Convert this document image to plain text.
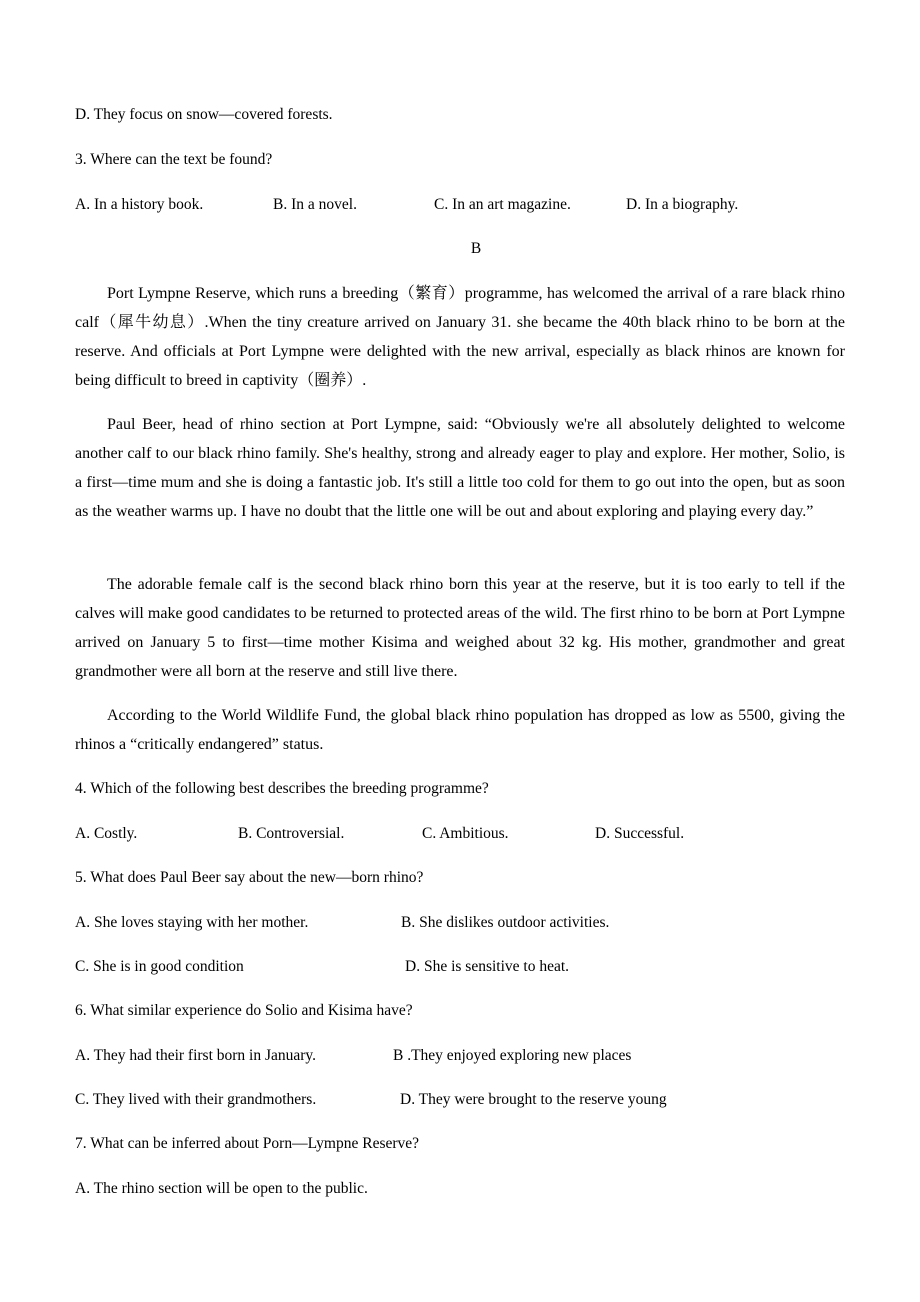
D. They focus on snow—covered forests.
3. Where can the text be found?
A. In a history book.	B. In a novel.	C. In an art magazine.	D. In a biography.
B
Port Lympne Reserve, which runs a breeding（繁育）programme, has welcomed the arrival of a rare black rhino calf（犀牛幼息）.When the tiny creature arrived on January 31. she became the 40th black rhino to be born at the reserve. And officials at Port Lympne were delighted with the new arrival, especially as black rhinos are known for being difficult to breed in captivity（圈养）.
Paul Beer, head of rhino section at Port Lympne, said: “Obviously we're all absolutely delighted to welcome another calf to our black rhino family. She's healthy, strong and already eager to play and explore. Her mother, Solio, is a first—time mum and she is doing a fantastic job. It's still a little too cold for them to go out into the open, but as soon as the weather warms up. I have no doubt that the little one will be out and about exploring and playing every day.”
The adorable female calf is the second black rhino born this year at the reserve, but it is too early to tell if the calves will make good candidates to be returned to protected areas of the wild. The first rhino to be born at Port Lympne arrived on January 5 to first—time mother Kisima and weighed about 32 kg. His mother, grandmother and great grandmother were all born at the reserve and still live there.
According to the World Wildlife Fund, the global black rhino population has dropped as low as 5500, giving the rhinos a “critically endangered” status.
4. Which of the following best describes the breeding programme?
A. Costly.	B. Controversial.	C. Ambitious.	D. Successful.
5. What does Paul Beer say about the new—born rhino?
A. She loves staying with her mother.	B. She dislikes outdoor activities.
C. She is in good condition	D. She is sensitive to heat.
6. What similar experience do Solio and Kisima have?
A. They had their first born in January.	B .They enjoyed exploring new places
C. They lived with their grandmothers.	D. They were brought to the reserve young
7. What can be inferred about Porn—Lympne Reserve?
A. The rhino section will be open to the public.
